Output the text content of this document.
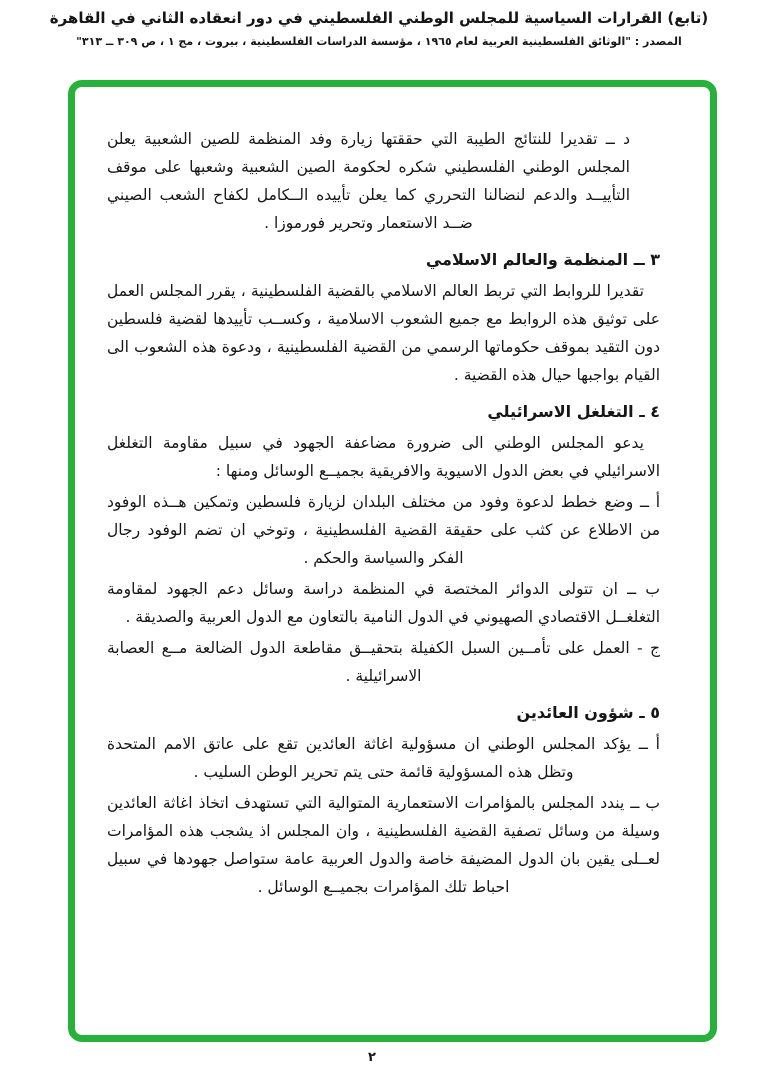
(تابع) القرارات السياسية للمجلس الوطني الفلسطيني في دور انعقاده الثاني في القاهرة
المصدر : "الوثائق الفلسطينية العربية لعام ١٩٦٥ ، مؤسسة الدراسات الفلسطينية ، بيروت ، مج ١ ، ص ٣٠٩ ــ ٣١٣"

د ــ تقديرا للنتائج الطيبة التي حققتها زيارة وفد المنظمة للصين الشعبية يعلن المجلس الوطني الفلسطيني شكره لحكومة الصين الشعبية وشعبها على موقف التأييــد والدعم لنضالنا التحرري كما يعلن تأييده الــكامل لكفاح الشعب الصيني ضــد الاستعمار وتحرير فورموزا .

٣ ــ المنظمة والعالم الاسلامي

تقديرا للروابط التي تربط العالم الاسلامي بالقضية الفلسطينية ، يقرر المجلس العمل على توثيق هذه الروابط مع جميع الشعوب الاسلامية ، وكســب تأييدها لقضية فلسطين دون التقيد بموقف حكوماتها الرسمي من القضية الفلسطينية ، ودعوة هذه الشعوب الى القيام بواجبها حيال هذه القضية .

٤ ـ التغلغل الاسرائيلي

يدعو المجلس الوطني الى ضرورة مضاعفة الجهود في سبيل مقاومة التغلغل الاسرائيلي في بعض الدول الاسيوية والافريقية بجميــع الوسائل ومنها :

أ ــ وضع خطط لدعوة وفود من مختلف البلدان لزيارة فلسطين وتمكين هــذه الوفود من الاطلاع عن كثب على حقيقة القضية الفلسطينية ، وتوخي ان تضم الوفود رجال الفكر والسياسة والحكم .

ب ــ ان تتولى الدوائر المختصة في المنظمة دراسة وسائل دعم الجهود لمقاومة التغلغــل الاقتصادي الصهيوني في الدول النامية بالتعاون مع الدول العربية والصديقة .

ج - العمل على تأمــين السبل الكفيلة بتحقيــق مقاطعة الدول الضالعة مــع العصابة الاسرائيلية .

٥ ـ شؤون العائدين

أ ــ يؤكد المجلس الوطني ان مسؤولية اغاثة العائدين تقع على عاتق الامم المتحدة وتظل هذه المسؤولية قائمة حتى يتم تحرير الوطن السليب .

ب ــ يندد المجلس بالمؤامرات الاستعمارية المتوالية التي تستهدف اتخاذ اغاثة العائدين وسيلة من وسائل تصفية القضية الفلسطينية ، وان المجلس اذ يشجب هذه المؤامرات لعــلى يقين بان الدول المضيفة خاصة والدول العربية عامة ستواصل جهودها في سبيل احباط تلك المؤامرات بجميــع الوسائل .

٢
